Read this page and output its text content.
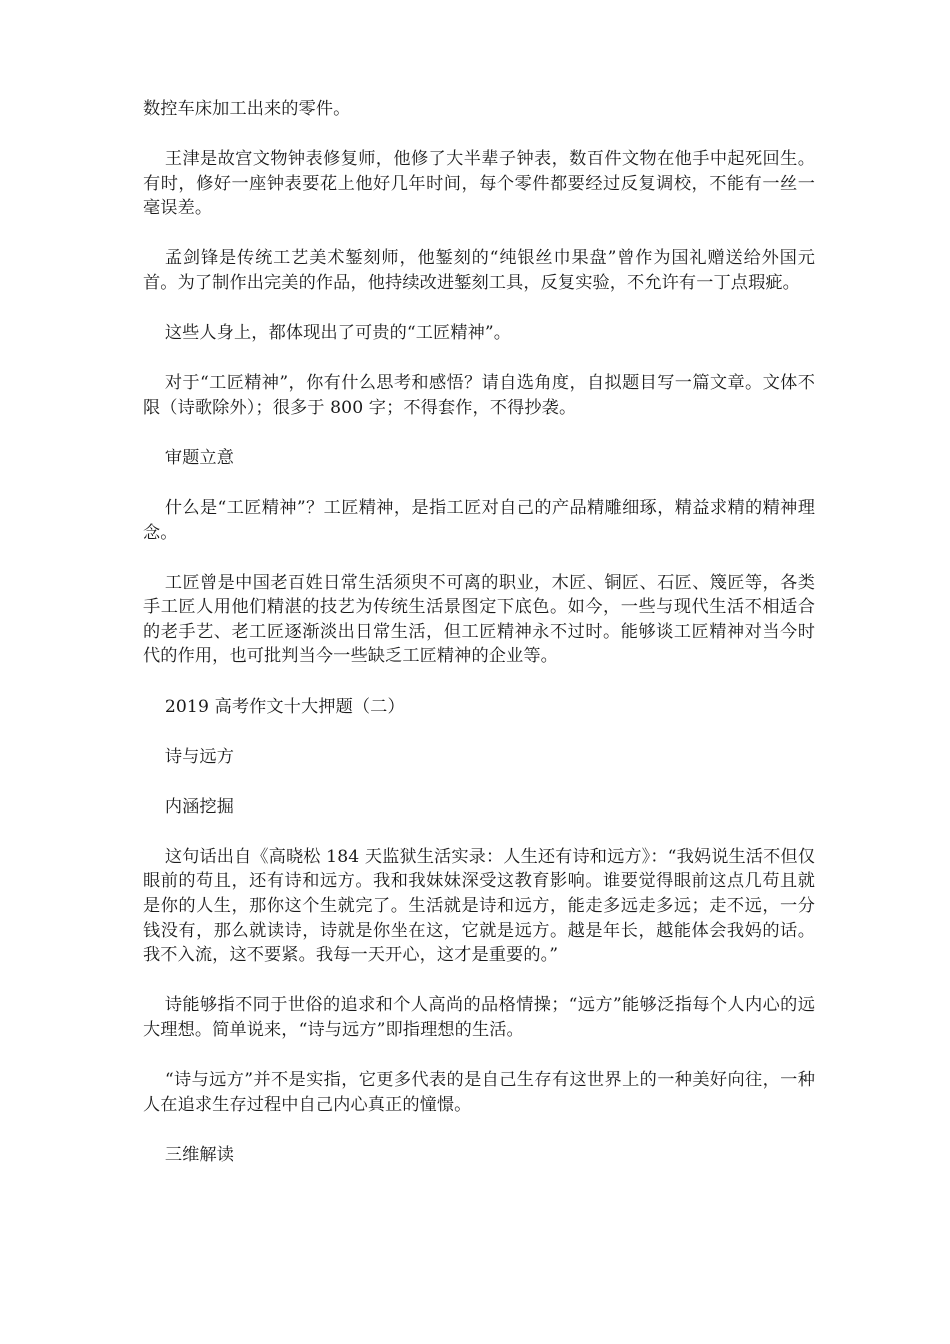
数控车床加工出来的零件。

王津是故宫文物钟表修复师，他修了大半辈子钟表，数百件文物在他手中起死回生。有时，修好一座钟表要花上他好几年时间，每个零件都要经过反复调校，不能有一丝一毫误差。

孟剑锋是传统工艺美术錾刻师，他錾刻的“纯银丝巾果盘”曾作为国礼赠送给外国元首。为了制作出完美的作品，他持续改进錾刻工具，反复实验，不允许有一丁点瑕疵。

这些人身上，都体现出了可贵的“工匠精神”。

对于“工匠精神”，你有什么思考和感悟？请自选角度，自拟题目写一篇文章。文体不限（诗歌除外）；很多于 800 字；不得套作，不得抄袭。

审题立意

什么是“工匠精神”？工匠精神，是指工匠对自己的产品精雕细琢，精益求精的精神理念。

工匠曾是中国老百姓日常生活须臾不可离的职业，木匠、铜匠、石匠、篾匠等，各类手工匠人用他们精湛的技艺为传统生活景图定下底色。如今，一些与现代生活不相适合的老手艺、老工匠逐渐淡出日常生活，但工匠精神永不过时。能够谈工匠精神对当今时代的作用，也可批判当今一些缺乏工匠精神的企业等。

2019 高考作文十大押题（二）

诗与远方

内涵挖掘

这句话出自《高晓松 184 天监狱生活实录：人生还有诗和远方》：“我妈说生活不但仅眼前的苟且，还有诗和远方。我和我妹妹深受这教育影响。谁要觉得眼前这点几苟且就是你的人生，那你这个生就完了。生活就是诗和远方，能走多远走多远；走不远，一分钱没有，那么就读诗，诗就是你坐在这，它就是远方。越是年长，越能体会我妈的话。我不入流，这不要紧。我每一天开心，这才是重要的。”

诗能够指不同于世俗的追求和个人高尚的品格情操；“远方”能够泛指每个人内心的远大理想。简单说来，“诗与远方”即指理想的生活。

“诗与远方”并不是实指，它更多代表的是自己生存有这世界上的一种美好向往，一种人在追求生存过程中自己内心真正的憧憬。

三维解读
